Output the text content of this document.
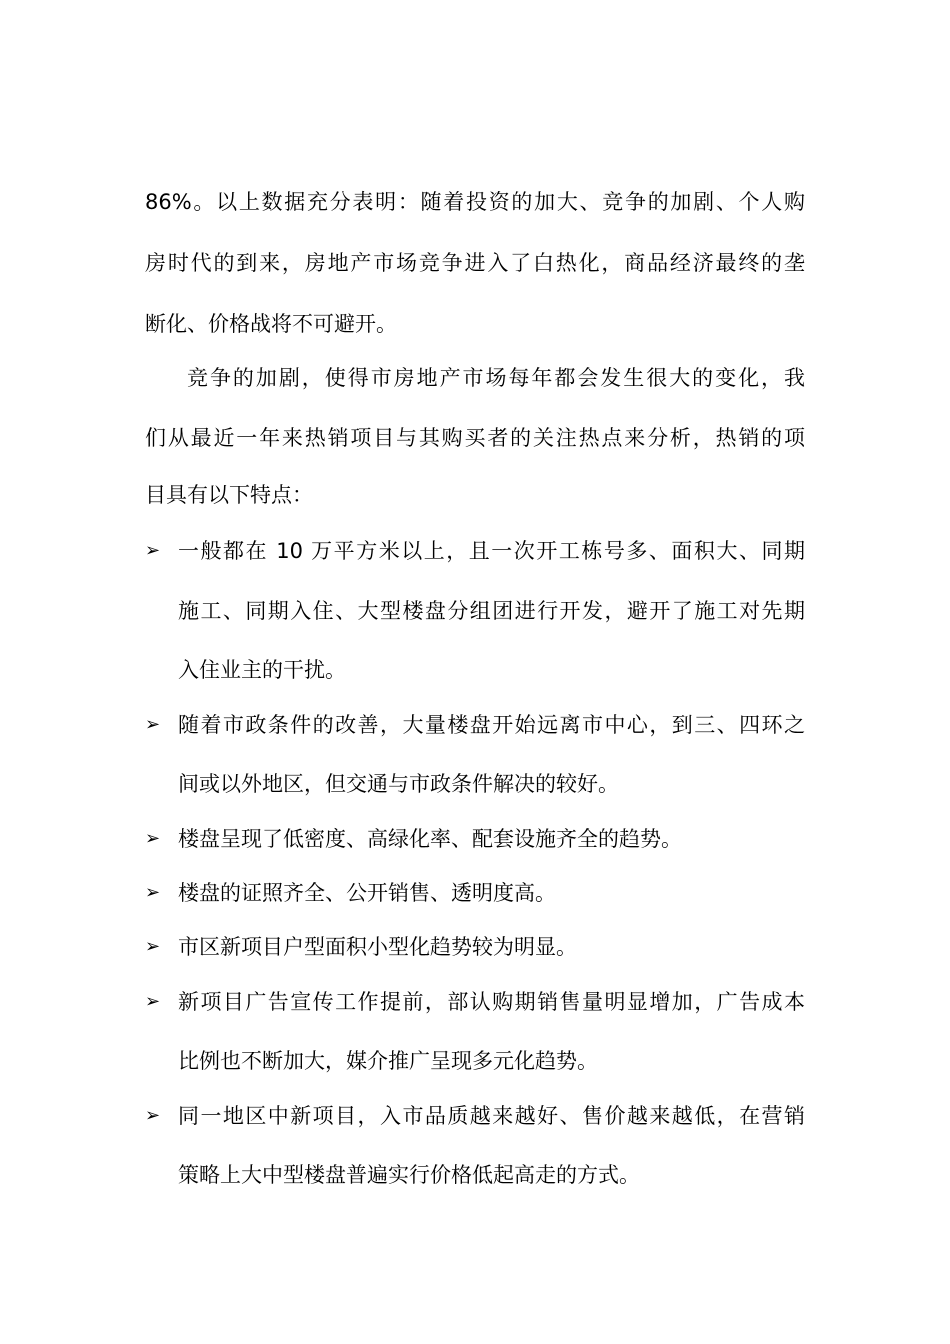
86%。以上数据充分表明：随着投资的加大、竞争的加剧、个人购
房时代的到来，房地产市场竞争进入了白热化，商品经济最终的垄
断化、价格战将不可避开。
竞争的加剧，使得市房地产市场每年都会发生很大的变化，我
们从最近一年来热销项目与其购买者的关注热点来分析，热销的项
目具有以下特点：
➢ 一般都在 10 万平方米以上，且一次开工栋号多、面积大、同期
施工、同期入住、大型楼盘分组团进行开发，避开了施工对先期
入住业主的干扰。
➢ 随着市政条件的改善，大量楼盘开始远离市中心，到三、四环之
间或以外地区，但交通与市政条件解决的较好。
➢ 楼盘呈现了低密度、高绿化率、配套设施齐全的趋势。
➢ 楼盘的证照齐全、公开销售、透明度高。
➢ 市区新项目户型面积小型化趋势较为明显。
➢ 新项目广告宣传工作提前，部认购期销售量明显增加，广告成本
比例也不断加大，媒介推广呈现多元化趋势。
➢ 同一地区中新项目，入市品质越来越好、售价越来越低，在营销
策略上大中型楼盘普遍实行价格低起高走的方式。
